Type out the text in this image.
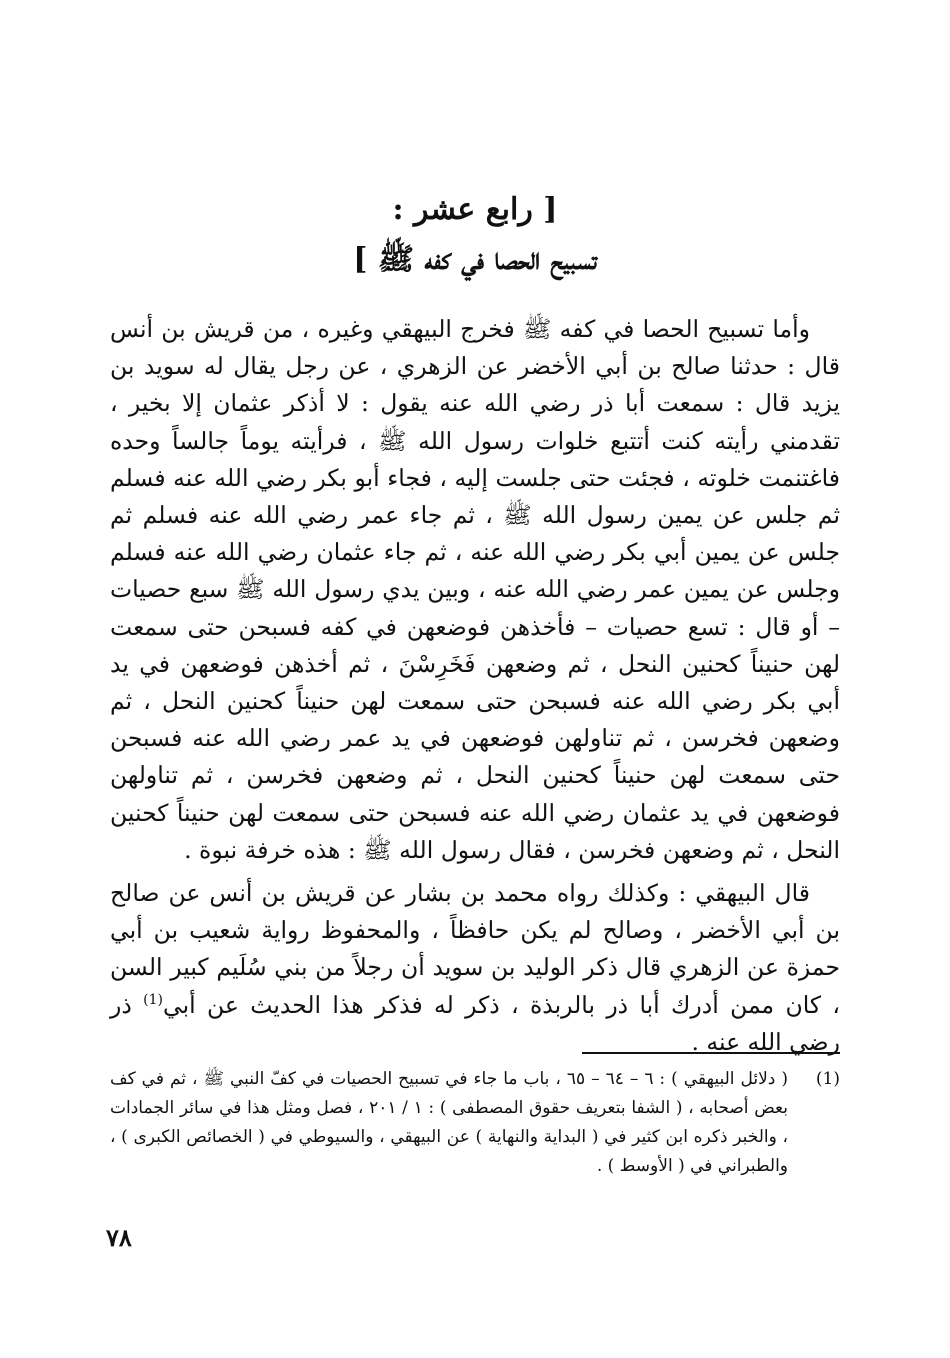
[ رابع عشر :
تسبيح الحصا في كفه ﷺ ]

وأما تسبيح الحصا في كفه ﷺ فخرج البيهقي وغيره ، من قريش بن أنس قال : حدثنا صالح بن أبي الأخضر عن الزهري ، عن رجل يقال له سويد بن يزيد قال : سمعت أبا ذر رضي الله عنه يقول : لا أذكر عثمان إلا بخير ، تقدمني رأيته كنت أتتبع خلوات رسول الله ﷺ ، فرأيته يوماً جالساً وحده فاغتنمت خلوته ، فجئت حتى جلست إليه ، فجاء أبو بكر رضي الله عنه فسلم ثم جلس عن يمين رسول الله ﷺ ، ثم جاء عمر رضي الله عنه فسلم ثم جلس عن يمين أبي بكر رضي الله عنه ، ثم جاء عثمان رضي الله عنه فسلم وجلس عن يمين عمر رضي الله عنه ، وبين يدي رسول الله ﷺ سبع حصيات – أو قال : تسع حصيات – فأخذهن فوضعهن في كفه فسبحن حتى سمعت لهن حنيناً كحنين النحل ، ثم وضعهن فَخَرِسْنَ ، ثم أخذهن فوضعهن في يد أبي بكر رضي الله عنه فسبحن حتى سمعت لهن حنيناً كحنين النحل ، ثم وضعهن فخرسن ، ثم تناولهن فوضعهن في يد عمر رضي الله عنه فسبحن حتى سمعت لهن حنيناً كحنين النحل ، ثم وضعهن فخرسن ، ثم تناولهن فوضعهن في يد عثمان رضي الله عنه فسبحن حتى سمعت لهن حنيناً كحنين النحل ، ثم وضعهن فخرسن ، فقال رسول الله ﷺ : هذه خرفة نبوة .

قال البيهقي : وكذلك رواه محمد بن بشار عن قريش بن أنس عن صالح بن أبي الأخضر ، وصالح لم يكن حافظاً ، والمحفوظ رواية شعيب بن أبي حمزة عن الزهري قال ذكر الوليد بن سويد أن رجلاً من بني سُلَيم كبير السن ، كان ممن أدرك أبا ذر بالربذة ، ذكر له فذكر هذا الحديث عن أبي$^{(1)}$ ذر رضي الله عنه .

(1)
( دلائل البيهقي ) : ٦ – ٦٤ – ٦٥ ، باب ما جاء في تسبيح الحصيات في كفّ النبي ﷺ ، ثم في كف بعض أصحابه ، ( الشفا بتعريف حقوق المصطفى ) : ١ / ٢٠١ ، فصل ومثل هذا في سائر الجمادات ، والخبر ذكره ابن كثير في ( البداية والنهاية ) عن البيهقي ، والسيوطي في ( الخصائص الكبرى ) ، والطبراني في ( الأوسط ) .
٧٨
